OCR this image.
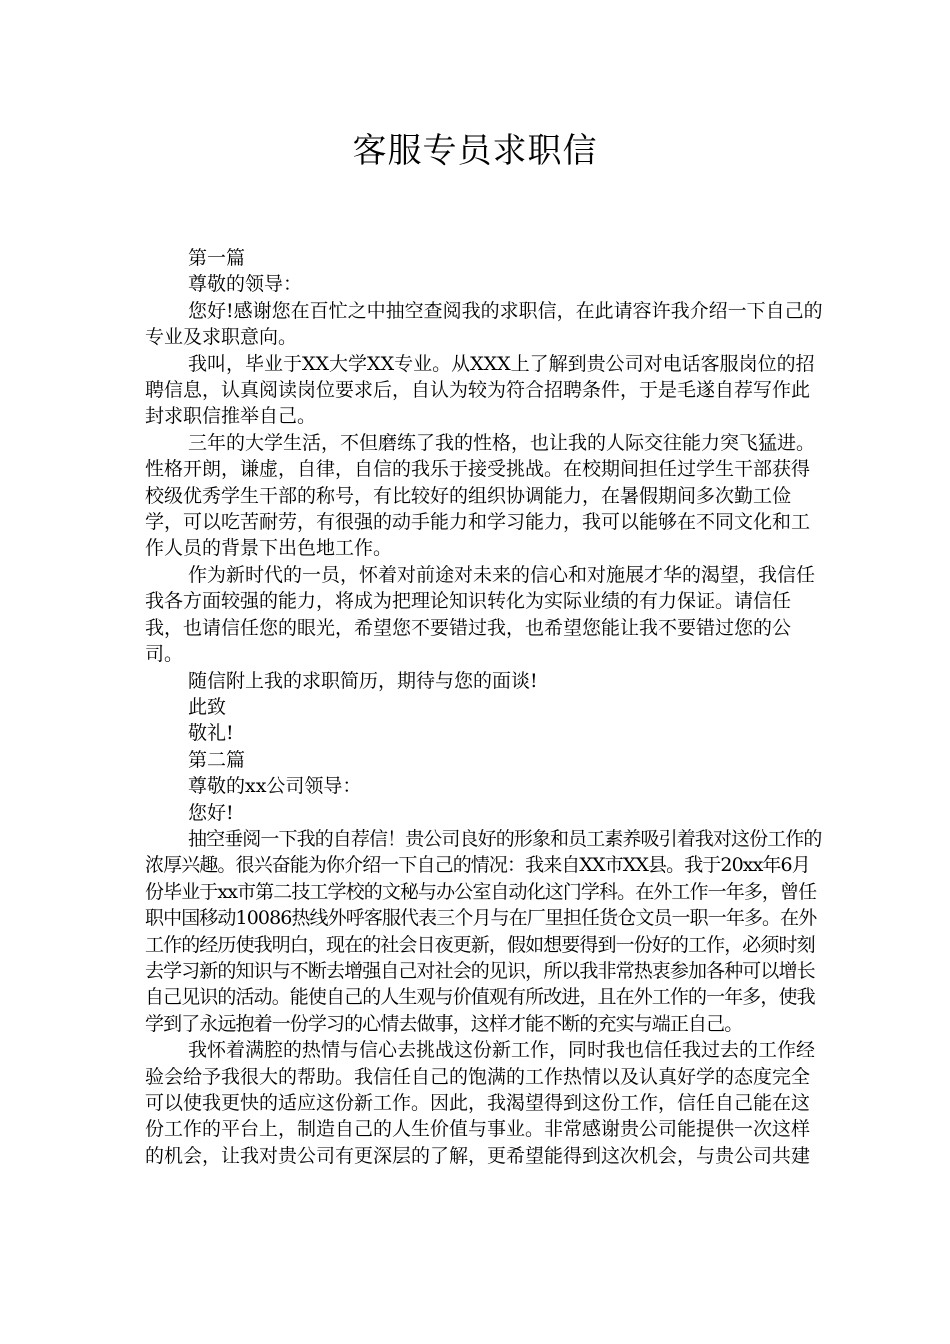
客服专员求职信

第一篇

尊敬的领导：

您好!感谢您在百忙之中抽空查阅我的求职信，在此请容许我介绍一下自己的专业及求职意向。

我叫，毕业于XX大学XX专业。从XXX上了解到贵公司对电话客服岗位的招聘信息，认真阅读岗位要求后，自认为较为符合招聘条件，于是毛遂自荐写作此封求职信推举自己。

三年的大学生活，不但磨练了我的性格，也让我的人际交往能力突飞猛进。性格开朗，谦虚，自律，自信的我乐于接受挑战。在校期间担任过学生干部获得校级优秀学生干部的称号，有比较好的组织协调能力，在暑假期间多次勤工俭学，可以吃苦耐劳，有很强的动手能力和学习能力，我可以能够在不同文化和工作人员的背景下出色地工作。

作为新时代的一员，怀着对前途对未来的信心和对施展才华的渴望，我信任我各方面较强的能力，将成为把理论知识转化为实际业绩的有力保证。请信任我，也请信任您的眼光，希望您不要错过我，也希望您能让我不要错过您的公司。

随信附上我的求职简历，期待与您的面谈!

此致

敬礼!

第二篇

尊敬的xx公司领导：

您好!

抽空垂阅一下我的自荐信！贵公司良好的形象和员工素养吸引着我对这份工作的浓厚兴趣。很兴奋能为你介绍一下自己的情况：我来自XX市XX县。我于20xx年6月份毕业于xx市第二技工学校的文秘与办公室自动化这门学科。在外工作一年多，曾任职中国移动10086热线外呼客服代表三个月与在厂里担任货仓文员一职一年多。在外工作的经历使我明白，现在的社会日夜更新，假如想要得到一份好的工作，必须时刻去学习新的知识与不断去增强自己对社会的见识，所以我非常热衷参加各种可以增长自己见识的活动。能使自己的人生观与价值观有所改进，且在外工作的一年多，使我学到了永远抱着一份学习的心情去做事，这样才能不断的充实与端正自己。

我怀着满腔的热情与信心去挑战这份新工作，同时我也信任我过去的工作经验会给予我很大的帮助。我信任自己的饱满的工作热情以及认真好学的态度完全可以使我更快的适应这份新工作。因此，我渴望得到这份工作，信任自己能在这份工作的平台上，制造自己的人生价值与事业。非常感谢贵公司能提供一次这样的机会，让我对贵公司有更深层的了解，更希望能得到这次机会，与贵公司共建
